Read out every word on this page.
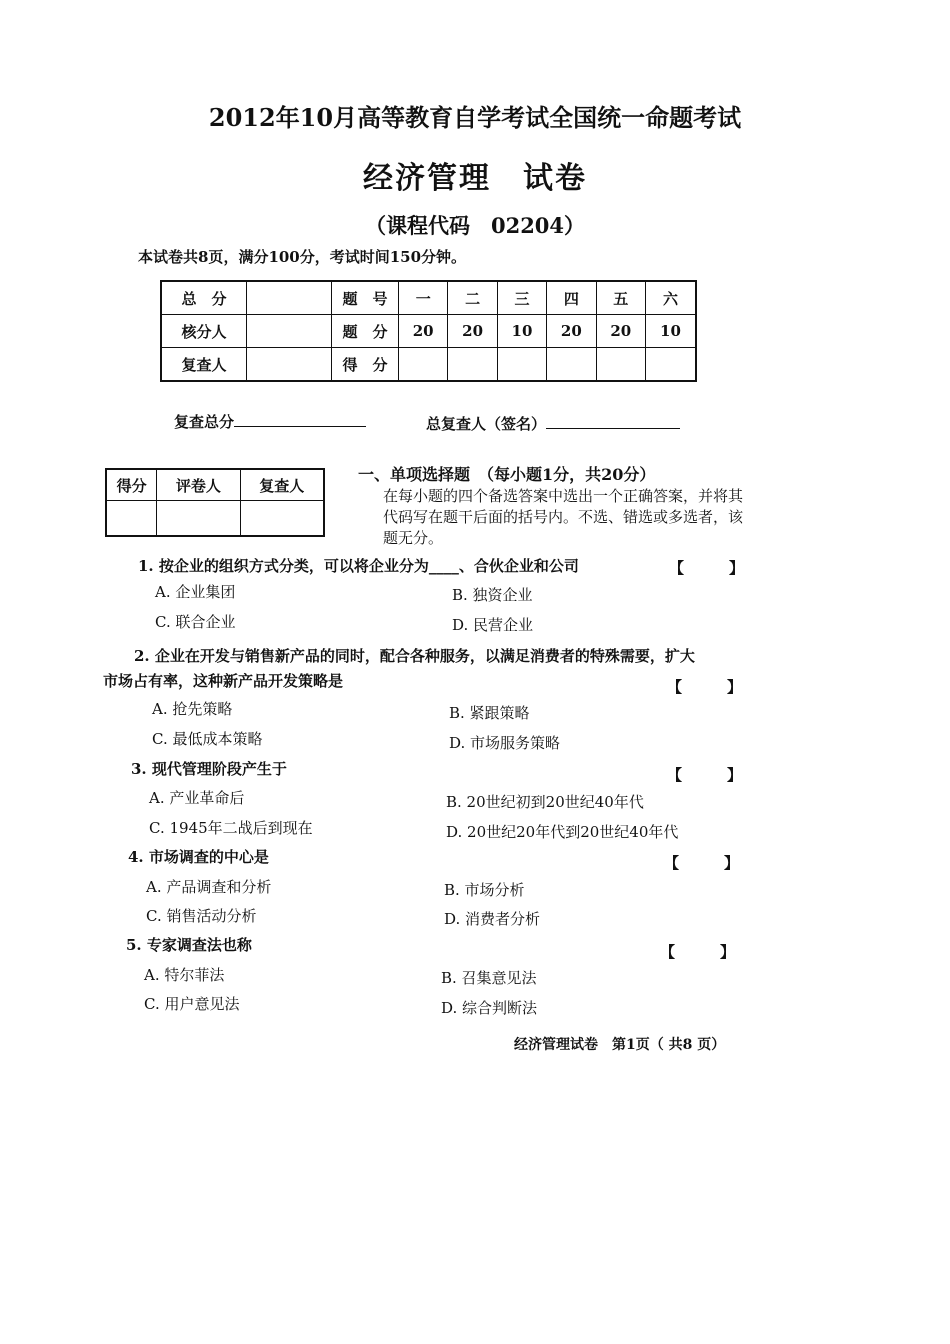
2012年10月高等教育自学考试全国统一命题考试
经济管理　试卷
（课程代码　02204）
本试卷共8页，满分100分，考试时间150分钟。
总　分		题　号	一	二	三	四	五	六
核分人		题　分	20	20	10	20	20	10
复查人		得　分						
复查总分	总复查人（签名）
得分	评卷人	复查人

一、单项选择题　（每小题1分，共20分）
在每小题的四个备选答案中选出一个正确答案，并将其代码写在题干后面的括号内。不选、错选或多选者，该题无分。
1. 按企业的组织方式分类，可以将企业分为____、合伙企业和公司	【　　　】
A. 企业集团	B. 独资企业
C. 联合企业	D. 民营企业
2. 企业在开发与销售新产品的同时，配合各种服务，以满足消费者的特殊需要，扩大
市场占有率，这种新产品开发策略是	【　　　】
A. 抢先策略	B. 紧跟策略
C. 最低成本策略	D. 市场服务策略
3. 现代管理阶段产生于	【　　　】
A. 产业革命后	B. 20世纪初到20世纪40年代
C. 1945年二战后到现在	D. 20世纪20年代到20世纪40年代
4. 市场调查的中心是	【　　　】
A. 产品调查和分析	B. 市场分析
C. 销售活动分析	D. 消费者分析
5. 专家调查法也称	【　　　】
A. 特尔菲法	B. 召集意见法
C. 用户意见法	D. 综合判断法
经济管理试卷　第1页（ 共8 页）
